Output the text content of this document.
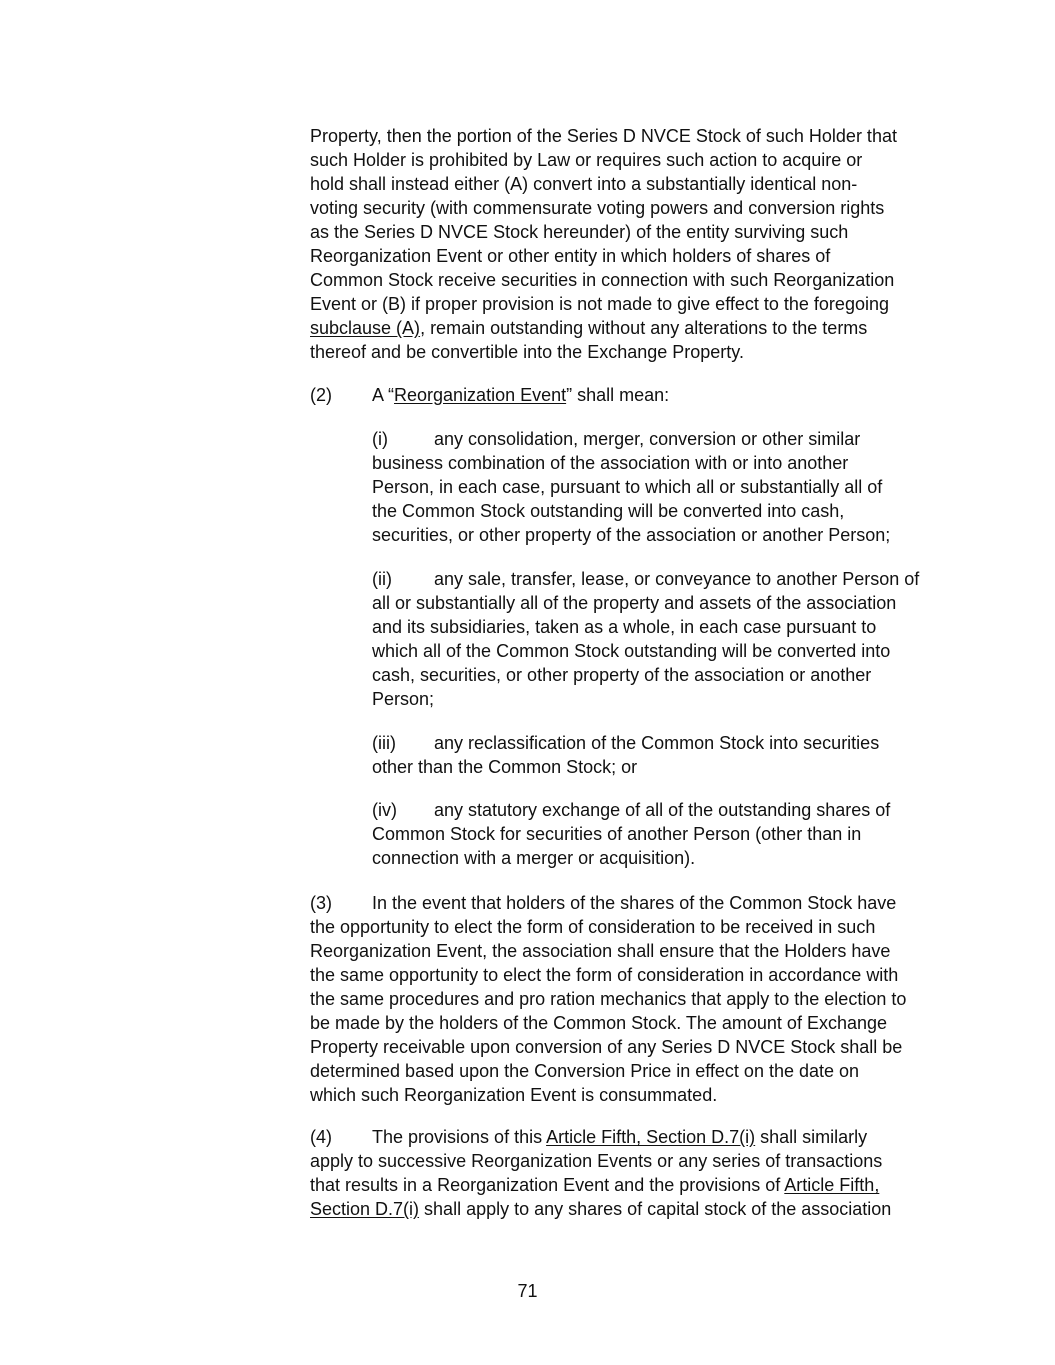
Property, then the portion of the Series D NVCE Stock of such Holder that
such Holder is prohibited by Law or requires such action to acquire or
hold shall instead either (A) convert into a substantially identical non-
voting security (with commensurate voting powers and conversion rights
as the Series D NVCE Stock hereunder) of the entity surviving such
Reorganization Event or other entity in which holders of shares of
Common Stock receive securities in connection with such Reorganization
Event or (B) if proper provision is not made to give effect to the foregoing
subclause (A), remain outstanding without any alterations to the terms
thereof and be convertible into the Exchange Property.
(2) A “Reorganization Event” shall mean:
(i)	any consolidation, merger, conversion or other similar
business combination of the association with or into another
Person, in each case, pursuant to which all or substantially all of
the Common Stock outstanding will be converted into cash,
securities, or other property of the association or another Person;
(ii) any sale, transfer, lease, or conveyance to another Person of
all or substantially all of the property and assets of the association
and its subsidiaries, taken as a whole, in each case pursuant to
which all of the Common Stock outstanding will be converted into
cash, securities, or other property of the association or another
Person;
(iii) any reclassification of the Common Stock into securities
other than the Common Stock; or
(iv) any statutory exchange of all of the outstanding shares of
Common Stock for securities of another Person (other than in
connection with a merger or acquisition).
(3) In the event that holders of the shares of the Common Stock have
the opportunity to elect the form of consideration to be received in such
Reorganization Event, the association shall ensure that the Holders have
the same opportunity to elect the form of consideration in accordance with
the same procedures and pro ration mechanics that apply to the election to
be made by the holders of the Common Stock. The amount of Exchange
Property receivable upon conversion of any Series D NVCE Stock shall be
determined based upon the Conversion Price in effect on the date on
which such Reorganization Event is consummated.
(4) The provisions of this Article Fifth, Section D.7(i) shall similarly
apply to successive Reorganization Events or any series of transactions
that results in a Reorganization Event and the provisions of Article Fifth,
Section D.7(i) shall apply to any shares of capital stock of the association
71
